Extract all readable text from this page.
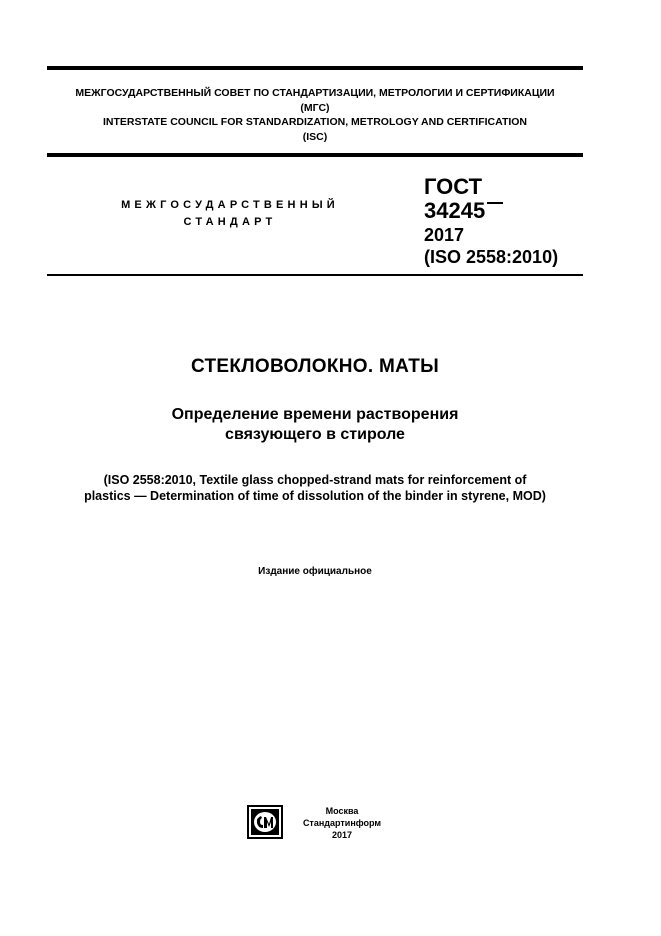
МЕЖГОСУДАРСТВЕННЫЙ СОВЕТ ПО СТАНДАРТИЗАЦИИ, МЕТРОЛОГИИ И СЕРТИФИКАЦИИ
(МГС)
INTERSTATE COUNCIL FOR STANDARDIZATION, METROLOGY AND CERTIFICATION
(ISC)
МЕЖГОСУДАРСТВЕННЫЙ
СТАНДАРТ
ГОСТ
34245
2017
(ISO 2558:2010)
СТЕКЛОВОЛОКНО. МАТЫ
Определение времени растворения
связующего в стироле
(ISO 2558:2010, Textile glass chopped-strand mats for reinforcement of
plastics — Determination of time of dissolution of the binder in styrene, MOD)
Издание официальное
Москва
Стандартинформ
2017
